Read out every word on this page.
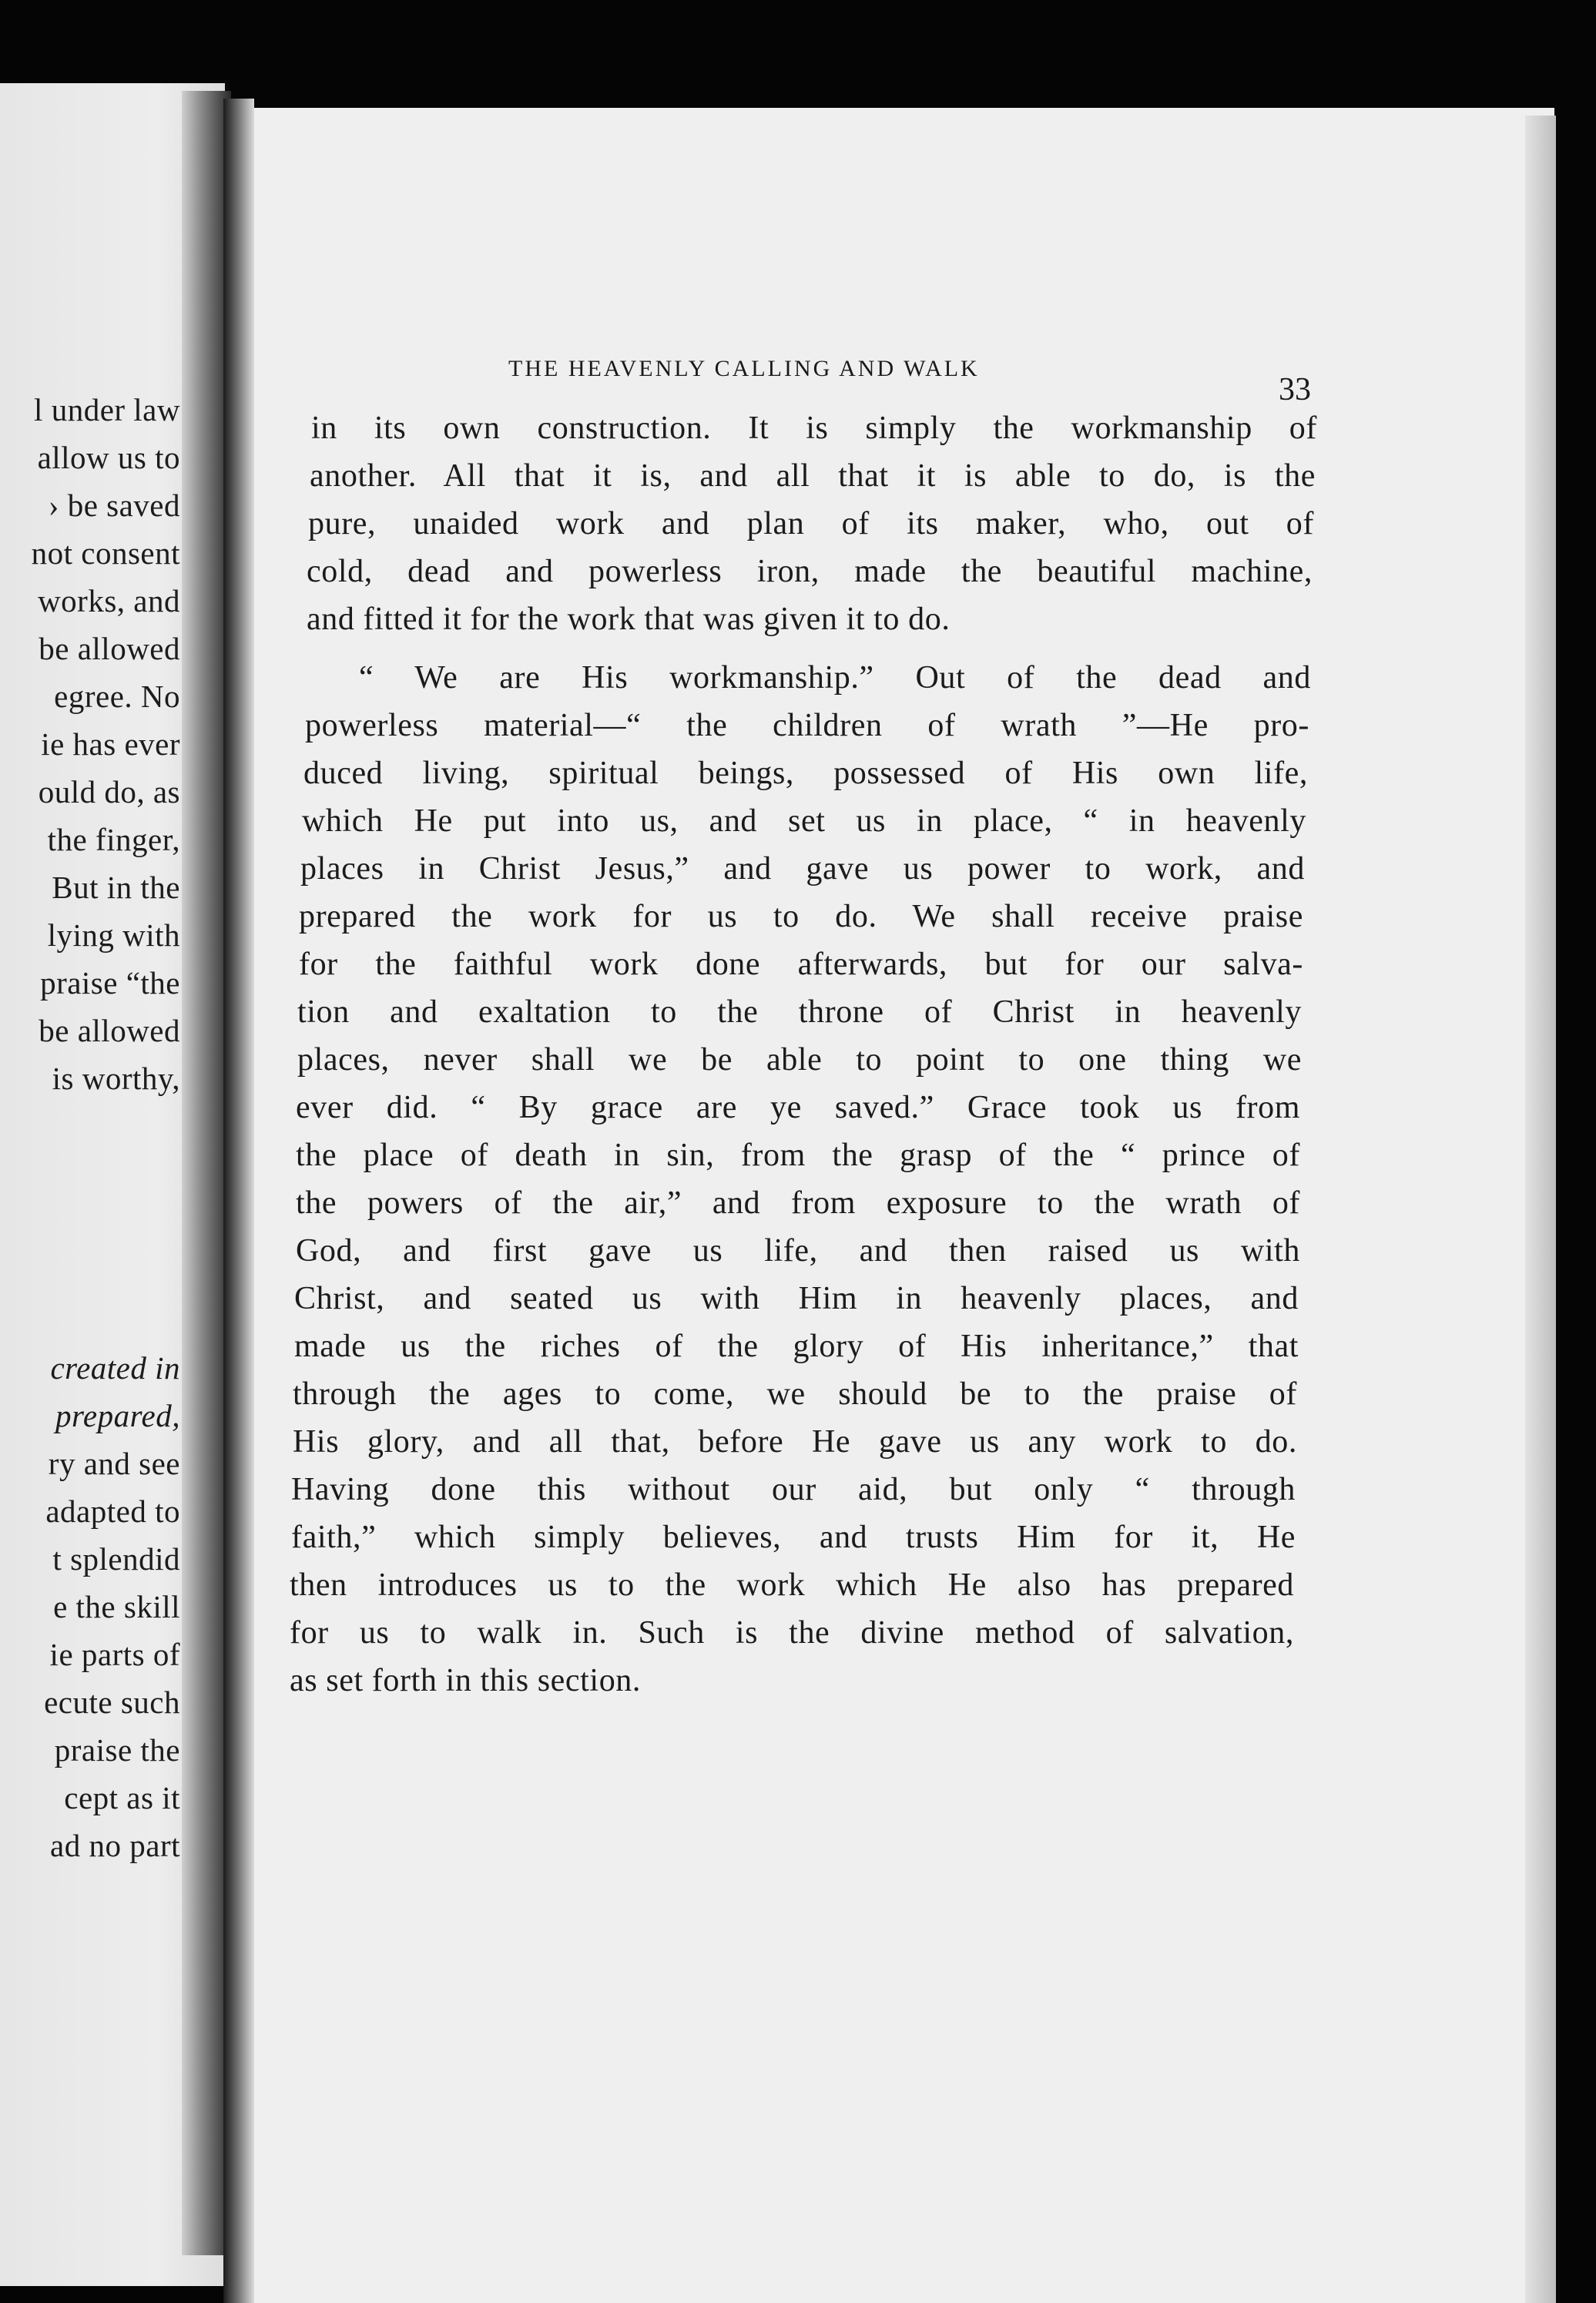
l under law
allow us to
› be saved
not consent
works, and
be allowed
egree. No
ie has ever
ould do, as
the finger,
But in the
lying with
praise “the
be allowed
is worthy,
created in
prepared,
ry and see
adapted to
t splendid
e the skill
ie parts of
ecute such
praise the
cept as it
ad no part
THE HEAVENLY CALLING AND WALK
33
in its own construction. It is simply the workmanship of
another. All that it is, and all that it is able to do, is the
pure, unaided work and plan of its maker, who, out of
cold, dead and powerless iron, made the beautiful machine,
and fitted it for the work that was given it to do.
“ We are His workmanship.” Out of the dead and
powerless material—“ the children of wrath ”—He pro-
duced living, spiritual beings, possessed of His own life,
which He put into us, and set us in place, “ in heavenly
places in Christ Jesus,” and gave us power to work, and
prepared the work for us to do. We shall receive praise
for the faithful work done afterwards, but for our salva-
tion and exaltation to the throne of Christ in heavenly
places, never shall we be able to point to one thing we
ever did. “ By grace are ye saved.” Grace took us from
the place of death in sin, from the grasp of the “ prince of
the powers of the air,” and from exposure to the wrath of
God, and first gave us life, and then raised us with
Christ, and seated us with Him in heavenly places, and
made us the riches of the glory of His inheritance,” that
through the ages to come, we should be to the praise of
His glory, and all that, before He gave us any work to do.
Having done this without our aid, but only “ through
faith,” which simply believes, and trusts Him for it, He
then introduces us to the work which He also has prepared
for us to walk in. Such is the divine method of salvation,
as set forth in this section.
